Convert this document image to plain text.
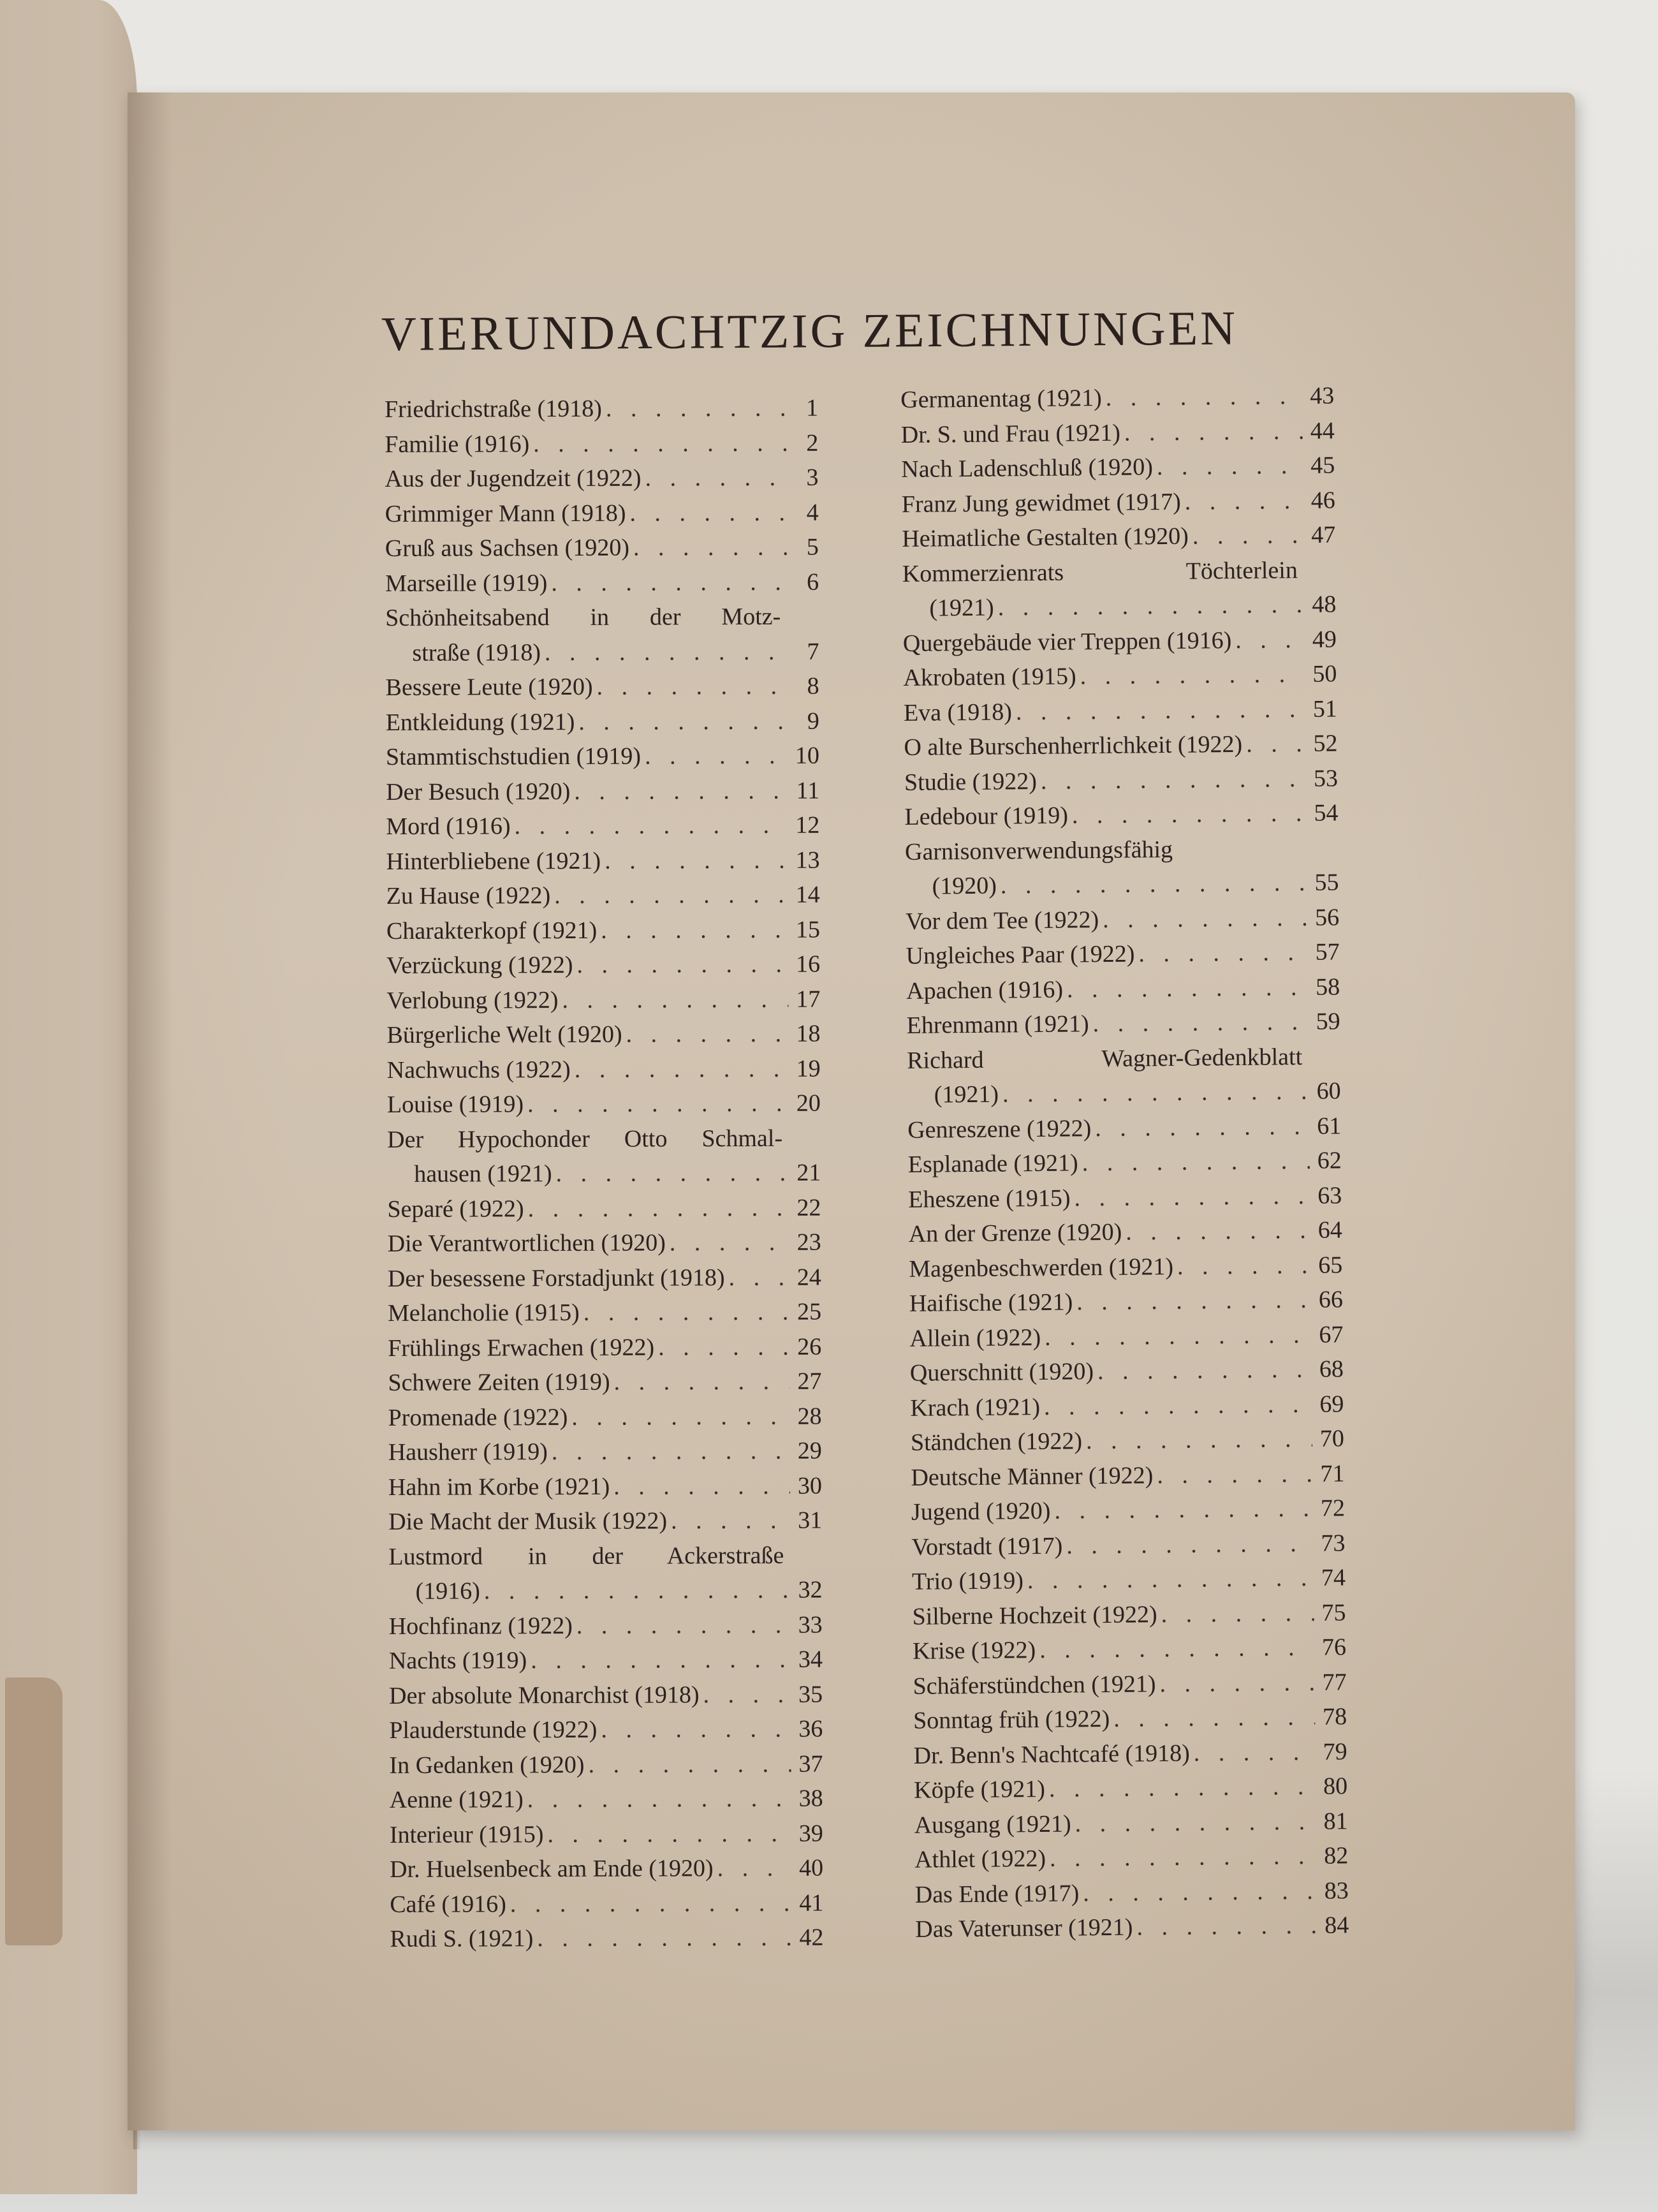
VIERUNDACHTZIG ZEICHNUNGEN
Friedrichstraße (1918) . . .	1
Familie (1916) . . .	2
Aus der Jugendzeit (1922) . . .	3
Grimmiger Mann (1918) . . .	4
Gruß aus Sachsen (1920) . . .	5
Marseille (1919) . . .	6
Schönheitsabend in der Motz-
straße (1918) . . .	7
Bessere Leute (1920) . . .	8
Entkleidung (1921) . . .	9
Stammtischstudien (1919) . . .	10
Der Besuch (1920) . . .	11
Mord (1916) . . .	12
Hinterbliebene (1921) . . .	13
Zu Hause (1922) . . .	14
Charakterkopf (1921) . . .	15
Verzückung (1922) . . .	16
Verlobung (1922) . . .	17
Bürgerliche Welt (1920) . . .	18
Nachwuchs (1922) . . .	19
Louise (1919) . . .	20
Der Hypochonder Otto Schmal-
hausen (1921) . . .	21
Separé (1922) . . .	22
Die Verantwortlichen (1920) . . .	23
Der besessene Forstadjunkt (1918) . . .	24
Melancholie (1915) . . .	25
Frühlings Erwachen (1922) . . .	26
Schwere Zeiten (1919) . . .	27
Promenade (1922) . . .	28
Hausherr (1919) . . .	29
Hahn im Korbe (1921) . . .	30
Die Macht der Musik (1922) . . .	31
Lustmord in der Ackerstraße
(1916) . . .	32
Hochfinanz (1922) . . .	33
Nachts (1919) . . .	34
Der absolute Monarchist (1918) . . .	35
Plauderstunde (1922) . . .	36
In Gedanken (1920) . . .	37
Aenne (1921) . . .	38
Interieur (1915) . . .	39
Dr. Huelsenbeck am Ende (1920) . . .	40
Café (1916) . . .	41
Rudi S. (1921) . . .	42
Germanentag (1921) . . .	43
Dr. S. und Frau (1921) . . .	44
Nach Ladenschluß (1920) . . .	45
Franz Jung gewidmet (1917) . . .	46
Heimatliche Gestalten (1920) . . .	47
Kommerzienrats Töchterlein
(1921) . . .	48
Quergebäude vier Treppen (1916) . . .	49
Akrobaten (1915) . . .	50
Eva (1918) . . .	51
O alte Burschenherrlichkeit (1922) . . .	52
Studie (1922) . . .	53
Ledebour (1919) . . .	54
Garnisonverwendungsfähig
(1920) . . .	55
Vor dem Tee (1922) . . .	56
Ungleiches Paar (1922) . . .	57
Apachen (1916) . . .	58
Ehrenmann (1921) . . .	59
Richard Wagner-Gedenkblatt
(1921) . . .	60
Genreszene (1922) . . .	61
Esplanade (1921) . . .	62
Eheszene (1915) . . .	63
An der Grenze (1920) . . .	64
Magenbeschwerden (1921) . . .	65
Haifische (1921) . . .	66
Allein (1922) . . .	67
Querschnitt (1920) . . .	68
Krach (1921) . . .	69
Ständchen (1922) . . .	70
Deutsche Männer (1922) . . .	71
Jugend (1920) . . .	72
Vorstadt (1917) . . .	73
Trio (1919) . . .	74
Silberne Hochzeit (1922) . . .	75
Krise (1922) . . .	76
Schäferstündchen (1921) . . .	77
Sonntag früh (1922) . . .	78
Dr. Benn's Nachtcafé (1918) . . .	79
Köpfe (1921) . . .	80
Ausgang (1921) . . .	81
Athlet (1922) . . .	82
Das Ende (1917) . . .	83
Das Vaterunser (1921) . . .	84
